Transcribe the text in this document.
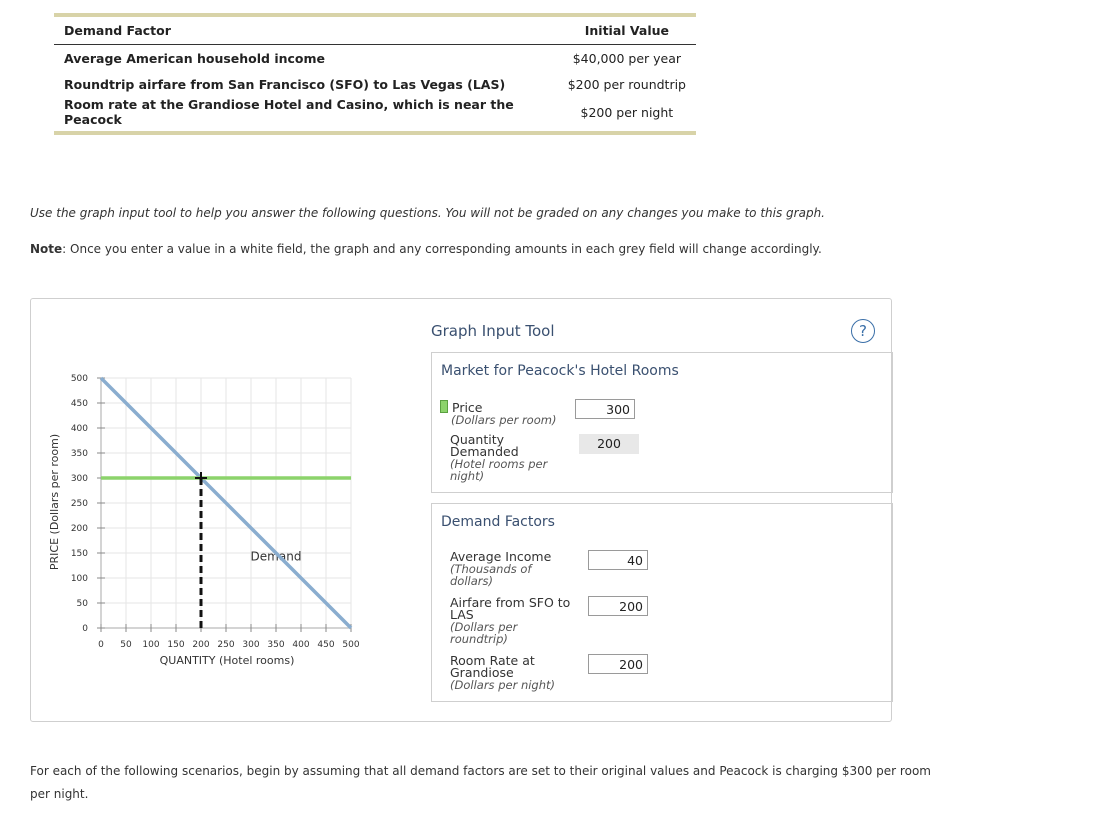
Demand Factor	Initial Value
Average American household income	$40,000 per year
Roundtrip airfare from San Francisco (SFO) to Las Vegas (LAS)	$200 per roundtrip
Room rate at the Grandiose Hotel and Casino, which is near the Peacock	$200 per night
Use the graph input tool to help you answer the following questions. You will not be graded on any changes you make to this graph.
Note: Once you enter a value in a white field, the graph and any corresponding amounts in each grey field will change accordingly.
0 50 100 150 200 250 300 350 400 450 500
0
50
100
150
200
250
300
350
400
450
500
Demand
PRICE (Dollars per room)
QUANTITY (Hotel rooms)
Graph Input Tool	?
Market for Peacock's Hotel Rooms
Price
(Dollars per room)
300
Quantity Demanded
(Hotel rooms per night)
200
Demand Factors
Average Income
(Thousands of dollars)
40
Airfare from SFO to LAS
(Dollars per roundtrip)
200
Room Rate at Grandiose
(Dollars per night)
200
For each of the following scenarios, begin by assuming that all demand factors are set to their original values and Peacock is charging $300 per room per night.
